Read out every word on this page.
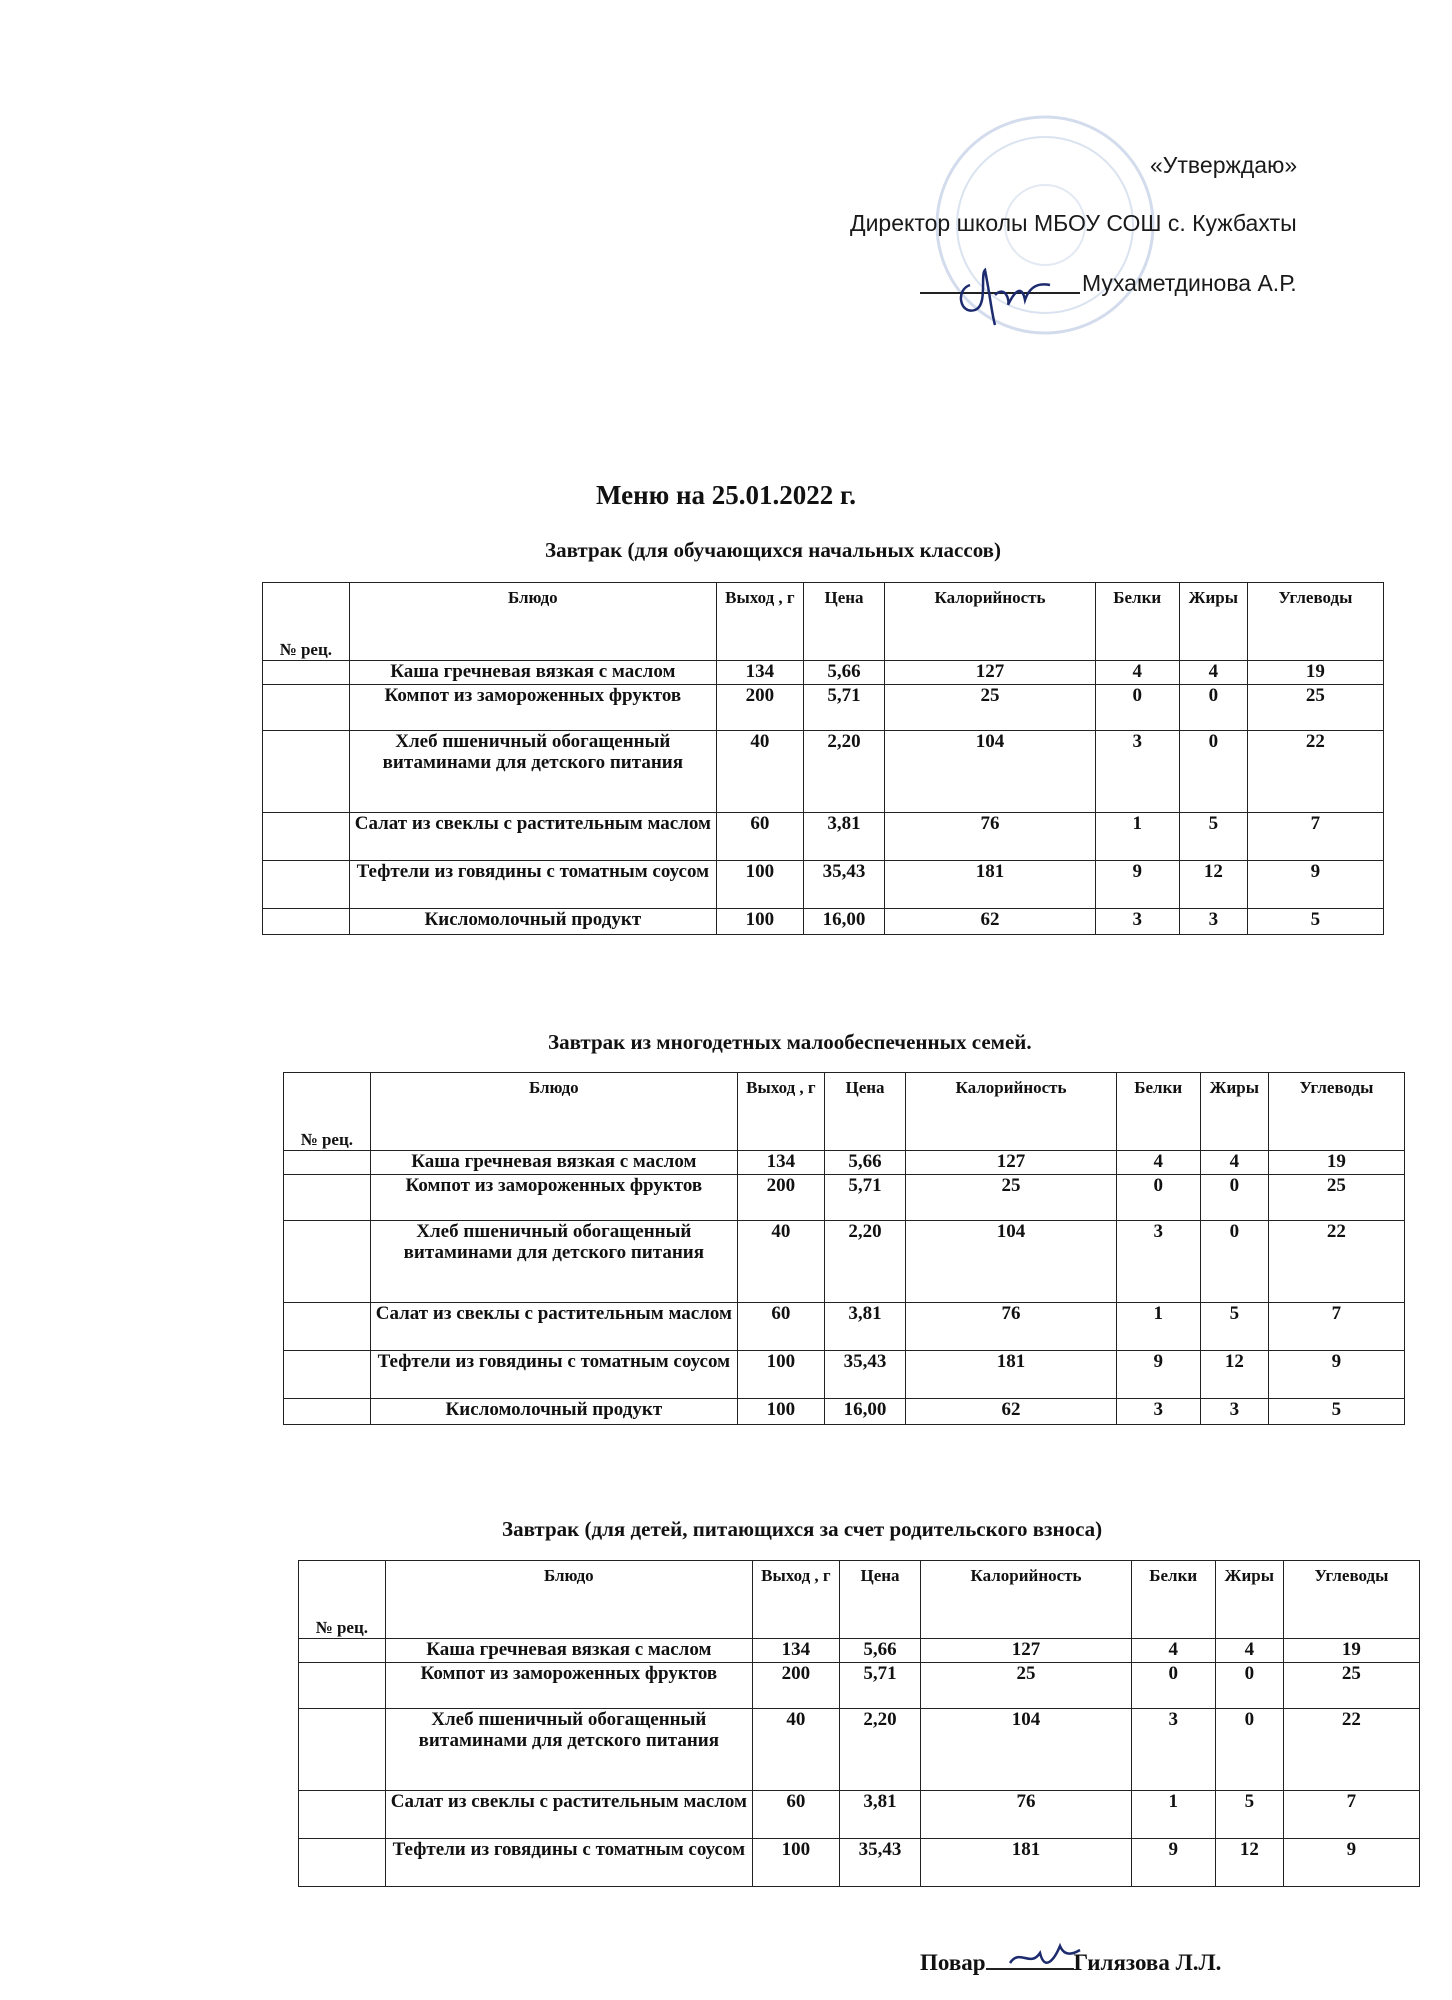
«Утверждаю»
Директор школы МБОУ СОШ с. Кужбахты
Мухаметдинова А.Р.
Меню на 25.01.2022 г.
Завтрак (для обучающихся начальных классов)
№ рец.	Блюдо	Выход , г	Цена	Калорийность	Белки	Жиры	Углеводы
	Каша гречневая вязкая с маслом	134	5,66	127	4	4	19
	Компот из замороженных фруктов	200	5,71	25	0	0	25
	Хлеб пшеничный обогащенный витаминами для детского питания	40	2,20	104	3	0	22
	Салат из свеклы с растительным маслом	60	3,81	76	1	5	7
	Тефтели из говядины с томатным соусом	100	35,43	181	9	12	9
	Кисломолочный продукт	100	16,00	62	3	3	5
Завтрак из многодетных малообеспеченных семей.
№ рец.	Блюдо	Выход , г	Цена	Калорийность	Белки	Жиры	Углеводы
	Каша гречневая вязкая с маслом	134	5,66	127	4	4	19
	Компот из замороженных фруктов	200	5,71	25	0	0	25
	Хлеб пшеничный обогащенный витаминами для детского питания	40	2,20	104	3	0	22
	Салат из свеклы с растительным маслом	60	3,81	76	1	5	7
	Тефтели из говядины с томатным соусом	100	35,43	181	9	12	9
	Кисломолочный продукт	100	16,00	62	3	3	5
Завтрак (для детей, питающихся за счет родительского взноса)
№ рец.	Блюдо	Выход , г	Цена	Калорийность	Белки	Жиры	Углеводы
	Каша гречневая вязкая с маслом	134	5,66	127	4	4	19
	Компот из замороженных фруктов	200	5,71	25	0	0	25
	Хлеб пшеничный обогащенный витаминами для детского питания	40	2,20	104	3	0	22
	Салат из свеклы с растительным маслом	60	3,81	76	1	5	7
	Тефтели из говядины с томатным соусом	100	35,43	181	9	12	9
Повар	Гилязова Л.Л.
